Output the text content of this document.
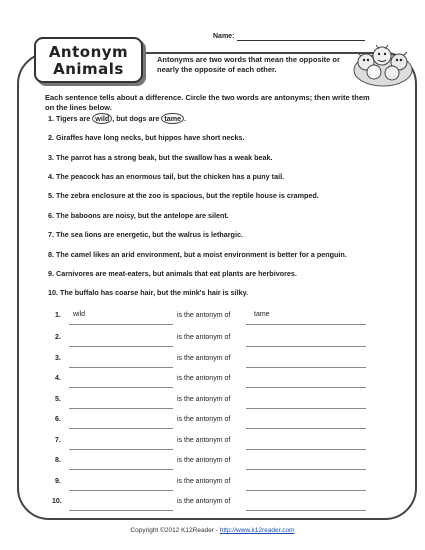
Name:
Antonym
Animals
Antonyms are two words that mean the opposite or nearly the opposite of each other.
Each sentence tells about a difference. Circle the two words are antonyms; then write them on the lines below.
1. Tigers are wild , but dogs are tame .
2. Giraffes have long necks, but hippos have short necks.
3. The parrot has a strong beak, but the swallow has a weak beak.
4. The peacock has an enormous tail, but the chicken has a puny tail.
5. The zebra enclosure at the zoo is spacious, but the reptile house is cramped.
6. The baboons are noisy, but the antelope are silent.
7. The sea lions are energetic, but the walrus is lethargic.
8. The camel likes an arid environment, but a moist environment is better for a penguin.
9. Carnivores are meat-eaters, but animals that eat plants are herbivores.
10. The buffalo has coarse hair, but the mink's hair is silky.
1. wild	is the antonym of	tame
2.	is the antonym of
3.	is the antonym of
4.	is the antonym of
5.	is the antonym of
6.	is the antonym of
7.	is the antonym of
8.	is the antonym of
9.	is the antonym of
10.	is the antonym of
Copyright ©2012 K12Reader - http://www.k12reader.com
